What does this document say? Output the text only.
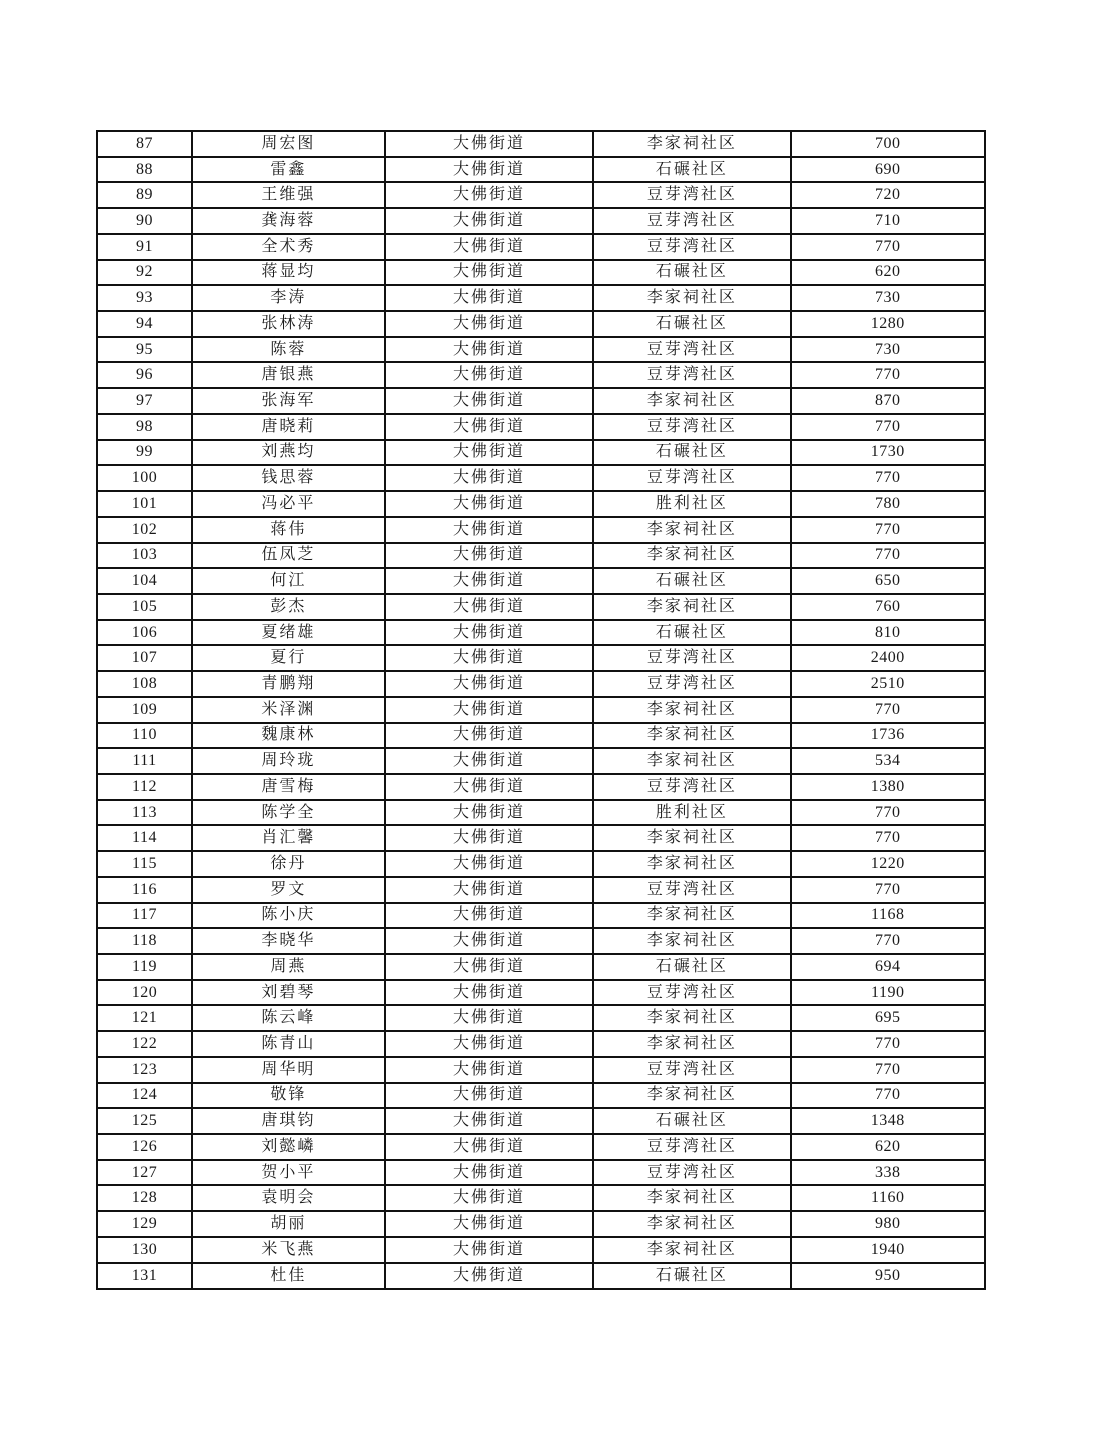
87	周宏图	大佛街道	李家祠社区	700
88	雷鑫	大佛街道	石碾社区	690
89	王维强	大佛街道	豆芽湾社区	720
90	龚海蓉	大佛街道	豆芽湾社区	710
91	全术秀	大佛街道	豆芽湾社区	770
92	蒋显均	大佛街道	石碾社区	620
93	李涛	大佛街道	李家祠社区	730
94	张林涛	大佛街道	石碾社区	1280
95	陈蓉	大佛街道	豆芽湾社区	730
96	唐银燕	大佛街道	豆芽湾社区	770
97	张海军	大佛街道	李家祠社区	870
98	唐晓莉	大佛街道	豆芽湾社区	770
99	刘燕均	大佛街道	石碾社区	1730
100	钱思蓉	大佛街道	豆芽湾社区	770
101	冯必平	大佛街道	胜利社区	780
102	蒋伟	大佛街道	李家祠社区	770
103	伍凤芝	大佛街道	李家祠社区	770
104	何江	大佛街道	石碾社区	650
105	彭杰	大佛街道	李家祠社区	760
106	夏绪雄	大佛街道	石碾社区	810
107	夏行	大佛街道	豆芽湾社区	2400
108	青鹏翔	大佛街道	豆芽湾社区	2510
109	米泽渊	大佛街道	李家祠社区	770
110	魏康林	大佛街道	李家祠社区	1736
111	周玲珑	大佛街道	李家祠社区	534
112	唐雪梅	大佛街道	豆芽湾社区	1380
113	陈学全	大佛街道	胜利社区	770
114	肖汇馨	大佛街道	李家祠社区	770
115	徐丹	大佛街道	李家祠社区	1220
116	罗文	大佛街道	豆芽湾社区	770
117	陈小庆	大佛街道	李家祠社区	1168
118	李晓华	大佛街道	李家祠社区	770
119	周燕	大佛街道	石碾社区	694
120	刘碧琴	大佛街道	豆芽湾社区	1190
121	陈云峰	大佛街道	李家祠社区	695
122	陈青山	大佛街道	李家祠社区	770
123	周华明	大佛街道	豆芽湾社区	770
124	敬锋	大佛街道	李家祠社区	770
125	唐琪钧	大佛街道	石碾社区	1348
126	刘懿嶙	大佛街道	豆芽湾社区	620
127	贺小平	大佛街道	豆芽湾社区	338
128	袁明会	大佛街道	李家祠社区	1160
129	胡丽	大佛街道	李家祠社区	980
130	米飞燕	大佛街道	李家祠社区	1940
131	杜佳	大佛街道	石碾社区	950
